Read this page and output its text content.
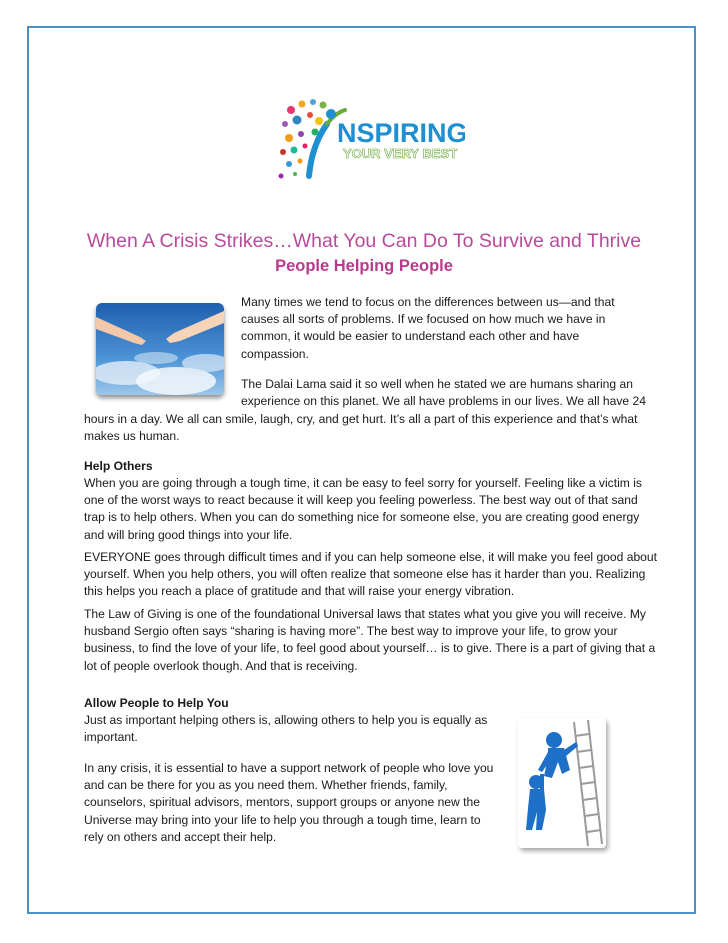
NSPIRING
YOUR VERY BEST
When A Crisis Strikes…What You Can Do To Survive and Thrive
People Helping People
Many times we tend to focus on the differences between us—and that causes all sorts of problems. If we focused on how much we have in common, it would be easier to understand each other and have compassion.
The Dalai Lama said it so well when he stated we are humans sharing an experience on this planet. We all have problems in our lives. We all have 24
hours in a day. We all can smile, laugh, cry, and get hurt. It’s all a part of this experience and that’s what makes us human.
Help Others
When you are going through a tough time, it can be easy to feel sorry for yourself. Feeling like a victim is one of the worst ways to react because it will keep you feeling powerless. The best way out of that sand trap is to help others. When you can do something nice for someone else, you are creating good energy and will bring good things into your life.
EVERYONE goes through difficult times and if you can help someone else, it will make you feel good about yourself. When you help others, you will often realize that someone else has it harder than you. Realizing this helps you reach a place of gratitude and that will raise your energy vibration.
The Law of Giving is one of the foundational Universal laws that states what you give you will receive. My husband Sergio often says “sharing is having more”. The best way to improve your life, to grow your business, to find the love of your life, to feel good about yourself… is to give. There is a part of giving that a lot of people overlook though. And that is receiving.
Allow People to Help You
Just as important helping others is, allowing others to help you is equally as important.
In any crisis, it is essential to have a support network of people who love you and can be there for you as you need them. Whether friends, family, counselors, spiritual advisors, mentors, support groups or anyone new the Universe may bring into your life to help you through a tough time, learn to rely on others and accept their help.
